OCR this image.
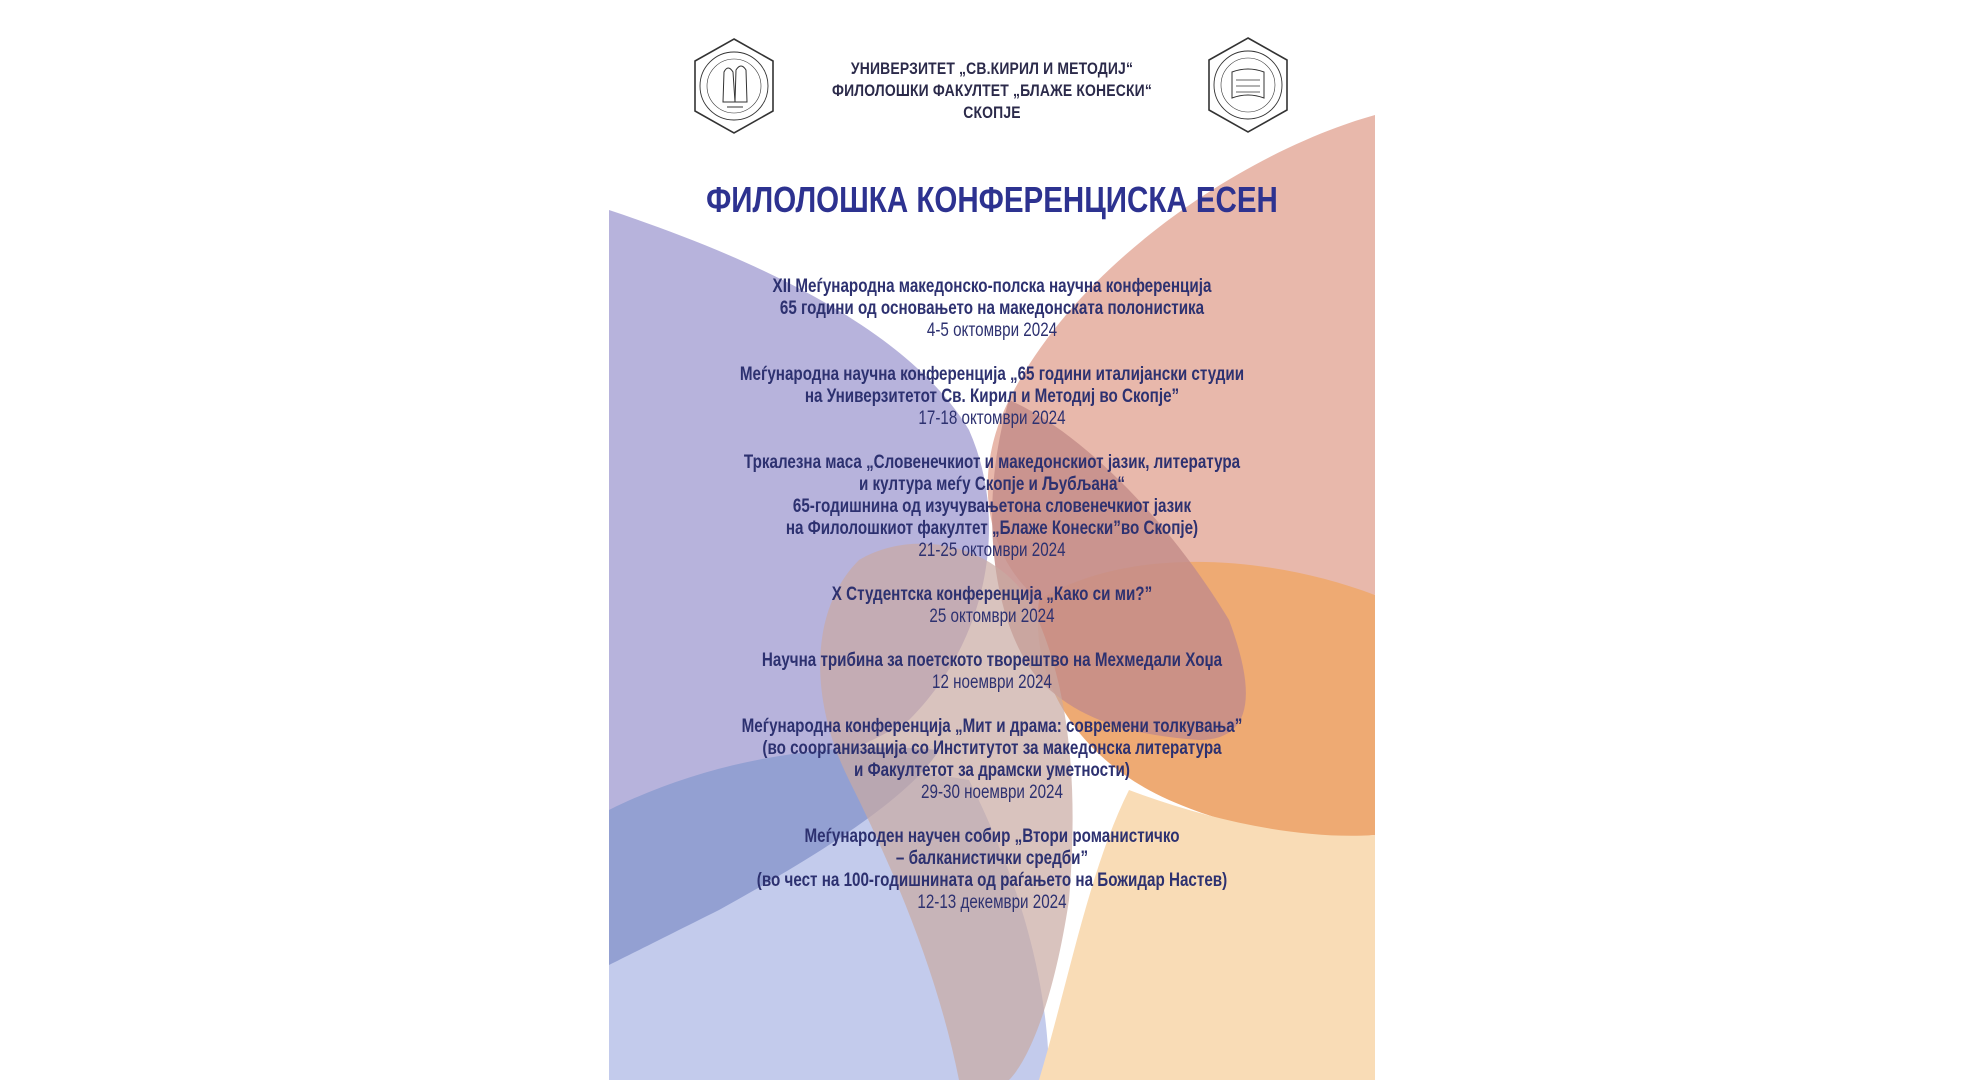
УНИВЕРЗИТЕТ „СВ.КИРИЛ И МЕТОДИЈ“
ФИЛОЛОШКИ ФАКУЛТЕТ „БЛАЖЕ КОНЕСКИ“
СКОПЈЕ
ФИЛОЛОШКА КОНФЕРЕНЦИСКА ЕСЕН
XII Меѓународна македонско-полска научна конференција
65 години од основањето на македонската полонистика
4-5 октомври 2024
Меѓународна научна конференција „65 години италијански студии
на Универзитетот Св. Кирил и Методиј во Скопје”
17-18 октомври 2024
Тркалезна маса „Словенечкиот и македонскиот јазик, литература
и култура меѓу Скопје и Љубљана“
65-годишнина од изучувањетона словенечкиот јазик
на Филолошкиот факултет „Блаже Конески”во Скопје)
21-25 октомври 2024
X Студентска конференција „Како си ми?”
25 октомври 2024
Научна трибина за поетското творештво на Мехмедали Хоџа
12 ноември 2024
Меѓународна конференција „Мит и драма: современи толкувања”
(во соорганизација со Институтот за македонска литература
и Факултетот за драмски уметности)
29-30 ноември 2024
Меѓународен научен собир „Втори романистичко
– балканистички средби”
(во чест на 100-годишнината од раѓањето на Божидар Настев)
12-13 декември 2024
